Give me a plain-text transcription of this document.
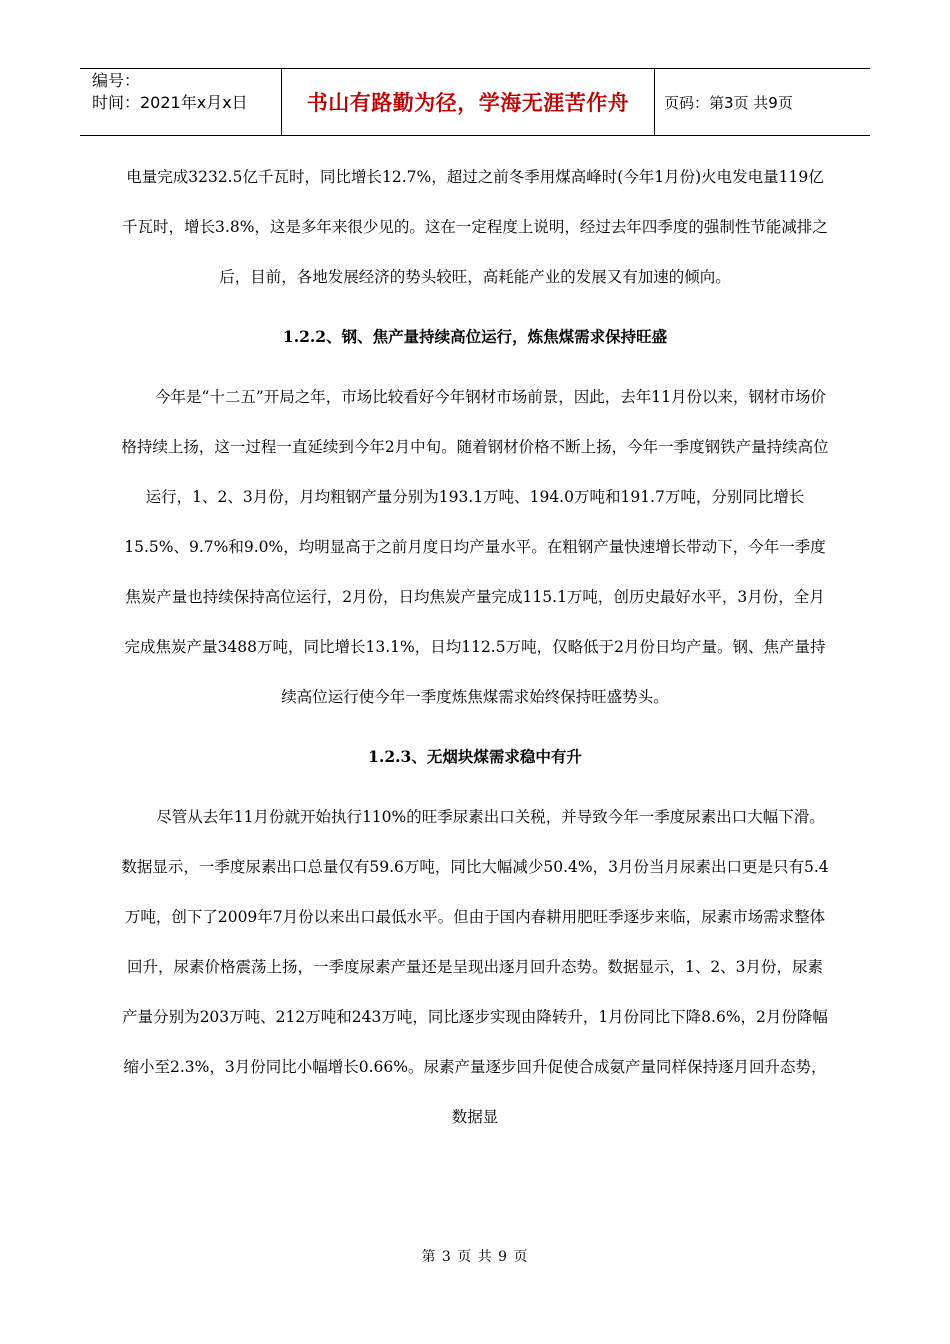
编号：
时间：2021年x月x日	书山有路勤为径，学海无涯苦作舟	页码：第3页 共9页

电量完成3232.5亿千瓦时，同比增长12.7%，超过之前冬季用煤高峰时(今年1月份)火电发电量119亿千瓦时，增长3.8%，这是多年来很少见的。这在一定程度上说明，经过去年四季度的强制性节能减排之后，目前，各地发展经济的势头较旺，高耗能产业的发展又有加速的倾向。

1.2.2、钢、焦产量持续高位运行，炼焦煤需求保持旺盛

今年是“十二五”开局之年，市场比较看好今年钢材市场前景，因此，去年11月份以来，钢材市场价格持续上扬，这一过程一直延续到今年2月中旬。随着钢材价格不断上扬，今年一季度钢铁产量持续高位运行，1、2、3月份，月均粗钢产量分别为193.1万吨、194.0万吨和191.7万吨，分别同比增长15.5%、9.7%和9.0%，均明显高于之前月度日均产量水平。在粗钢产量快速增长带动下，今年一季度焦炭产量也持续保持高位运行，2月份，日均焦炭产量完成115.1万吨，创历史最好水平，3月份，全月完成焦炭产量3488万吨，同比增长13.1%，日均112.5万吨，仅略低于2月份日均产量。钢、焦产量持续高位运行使今年一季度炼焦煤需求始终保持旺盛势头。

1.2.3、无烟块煤需求稳中有升

尽管从去年11月份就开始执行110%的旺季尿素出口关税，并导致今年一季度尿素出口大幅下滑。数据显示，一季度尿素出口总量仅有59.6万吨，同比大幅减少50.4%，3月份当月尿素出口更是只有5.4万吨，创下了2009年7月份以来出口最低水平。但由于国内春耕用肥旺季逐步来临，尿素市场需求整体回升，尿素价格震荡上扬，一季度尿素产量还是呈现出逐月回升态势。数据显示，1、2、3月份，尿素产量分别为203万吨、212万吨和243万吨，同比逐步实现由降转升，1月份同比下降8.6%，2月份降幅缩小至2.3%，3月份同比小幅增长0.66%。尿素产量逐步回升促使合成氨产量同样保持逐月回升态势，数据显

第 3 页 共 9 页
